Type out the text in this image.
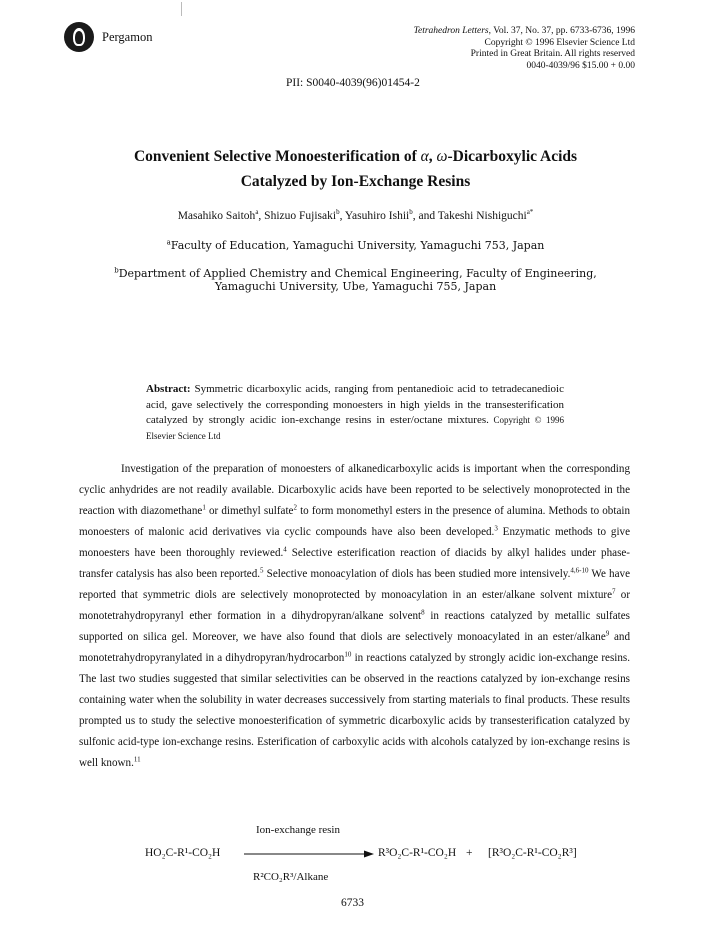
Pergamon	Tetrahedron Letters, Vol. 37, No. 37, pp. 6733-6736, 1996
Copyright © 1996 Elsevier Science Ltd
Printed in Great Britain. All rights reserved
0040-4039/96 $15.00 + 0.00
PII: S0040-4039(96)01454-2
Convenient Selective Monoesterification of α, ω-Dicarboxylic Acids
Catalyzed by Ion-Exchange Resins
Masahiko Saitoh$^a$, Shizuo Fujisaki$^b$, Yasuhiro Ishii$^b$, and Takeshi Nishiguchi$^{a*}$
$^a$Faculty of Education, Yamaguchi University, Yamaguchi 753, Japan
$^b$Department of Applied Chemistry and Chemical Engineering, Faculty of Engineering,
Yamaguchi University, Ube, Yamaguchi 755, Japan
Abstract: Symmetric dicarboxylic acids, ranging from pentanedioic acid to tetradecanedioic acid, gave selectively the corresponding monoesters in high yields in the transesterification catalyzed by strongly acidic ion-exchange resins in ester/octane mixtures. Copyright © 1996 Elsevier Science Ltd
Investigation of the preparation of monoesters of alkanedicarboxylic acids is important when the corresponding cyclic anhydrides are not readily available. Dicarboxylic acids have been reported to be selectively monoprotected in the reaction with diazomethane$^1$ or dimethyl sulfate$^2$ to form monomethyl esters in the presence of alumina. Methods to obtain monoesters of malonic acid derivatives via cyclic compounds have also been developed.$^3$ Enzymatic methods to give monoesters have been thoroughly reviewed.$^4$ Selective esterification reaction of diacids by alkyl halides under phase-transfer catalysis has also been reported.$^5$ Selective monoacylation of diols has been studied more intensively.$^{4,6-10}$ We have reported that symmetric diols are selectively monoprotected by monoacylation in an ester/alkane solvent mixture$^7$ or monotetrahydropyranyl ether formation in a dihydropyran/alkane solvent$^8$ in reactions catalyzed by metallic sulfates supported on silica gel. Moreover, we have also found that diols are selectively monoacylated in an ester/alkane$^9$ and monotetrahydropyranylated in a dihydropyran/hydrocarbon$^{10}$ in reactions catalyzed by strongly acidic ion-exchange resins. The last two studies suggested that similar selectivities can be observed in the reactions catalyzed by ion-exchange resins containing water when the solubility in water decreases successively from starting materials to final products. These results prompted us to study the selective monoesterification of symmetric dicarboxylic acids by transesterification catalyzed by sulfonic acid-type ion-exchange resins. Esterification of carboxylic acids with alcohols catalyzed by ion-exchange resins is well known.$^{11}$
Ion-exchange resin
HO₂C-R¹-CO₂H	R³O₂C-R¹-CO₂H + [R³O₂C-R¹-CO₂R³]
R²CO₂R³/Alkane
6733
